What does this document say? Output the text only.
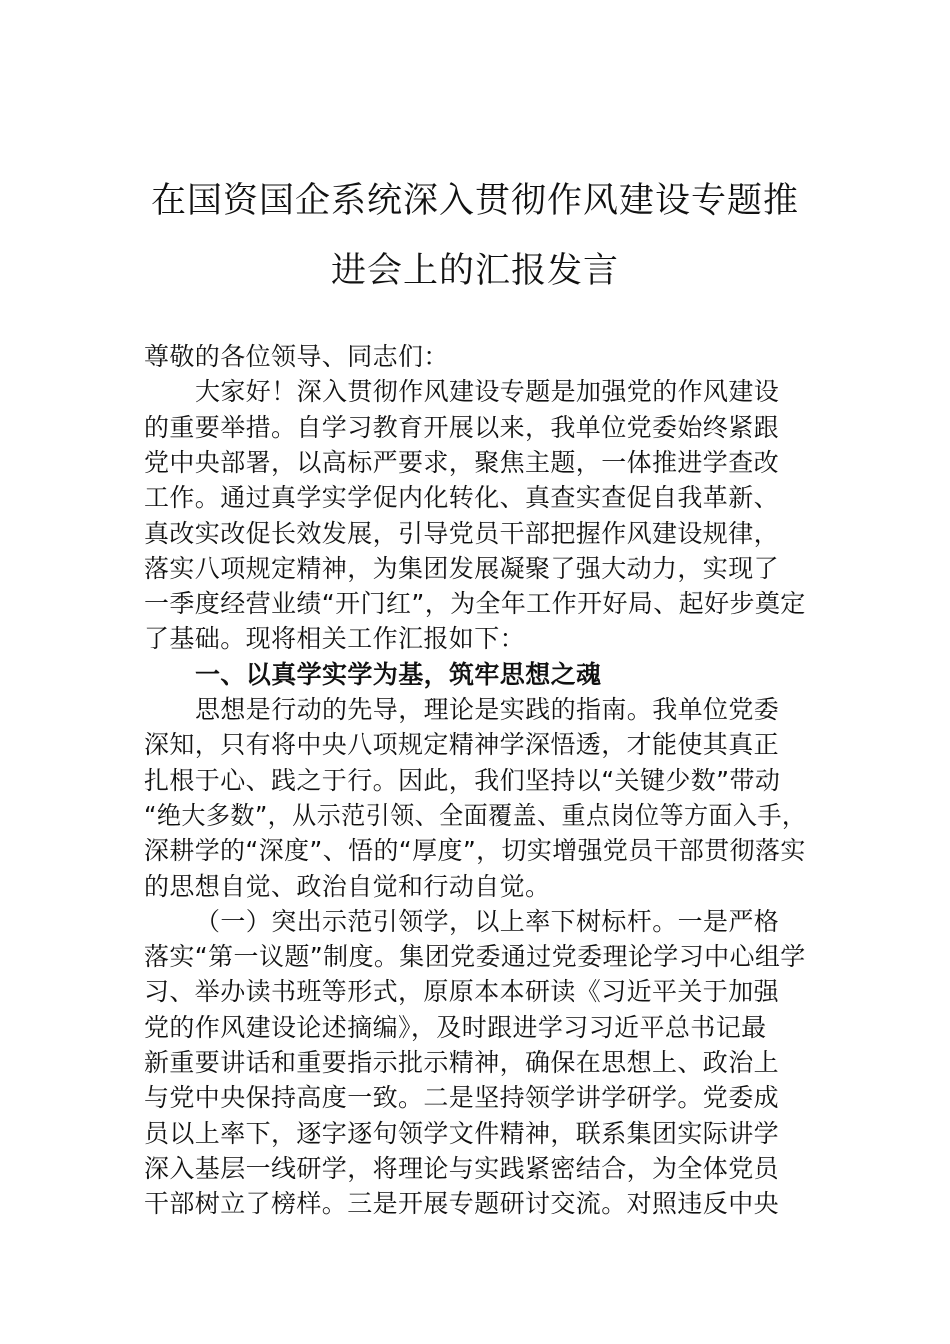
在国资国企系统深入贯彻作风建设专题推
进会上的汇报发言
尊敬的各位领导、同志们：
大家好！深入贯彻作风建设专题是加强党的作风建设
的重要举措。自学习教育开展以来，我单位党委始终紧跟
党中央部署，以高标严要求，聚焦主题，一体推进学查改
工作。通过真学实学促内化转化、真查实查促自我革新、
真改实改促长效发展，引导党员干部把握作风建设规律，
落实八项规定精神，为集团发展凝聚了强大动力，实现了
一季度经营业绩“开门红”，为全年工作开好局、起好步奠定
了基础。现将相关工作汇报如下：
一、以真学实学为基，筑牢思想之魂
思想是行动的先导，理论是实践的指南。我单位党委
深知，只有将中央八项规定精神学深悟透，才能使其真正
扎根于心、践之于行。因此，我们坚持以“关键少数”带动
“绝大多数”，从示范引领、全面覆盖、重点岗位等方面入手，
深耕学的“深度”、悟的“厚度”，切实增强党员干部贯彻落实
的思想自觉、政治自觉和行动自觉。
（一）突出示范引领学，以上率下树标杆。一是严格
落实“第一议题”制度。集团党委通过党委理论学习中心组学
习、举办读书班等形式，原原本本研读《习近平关于加强
党的作风建设论述摘编》，及时跟进学习习近平总书记最
新重要讲话和重要指示批示精神，确保在思想上、政治上
与党中央保持高度一致。二是坚持领学讲学研学。党委成
员以上率下，逐字逐句领学文件精神，联系集团实际讲学
深入基层一线研学，将理论与实践紧密结合，为全体党员
干部树立了榜样。三是开展专题研讨交流。对照违反中央
